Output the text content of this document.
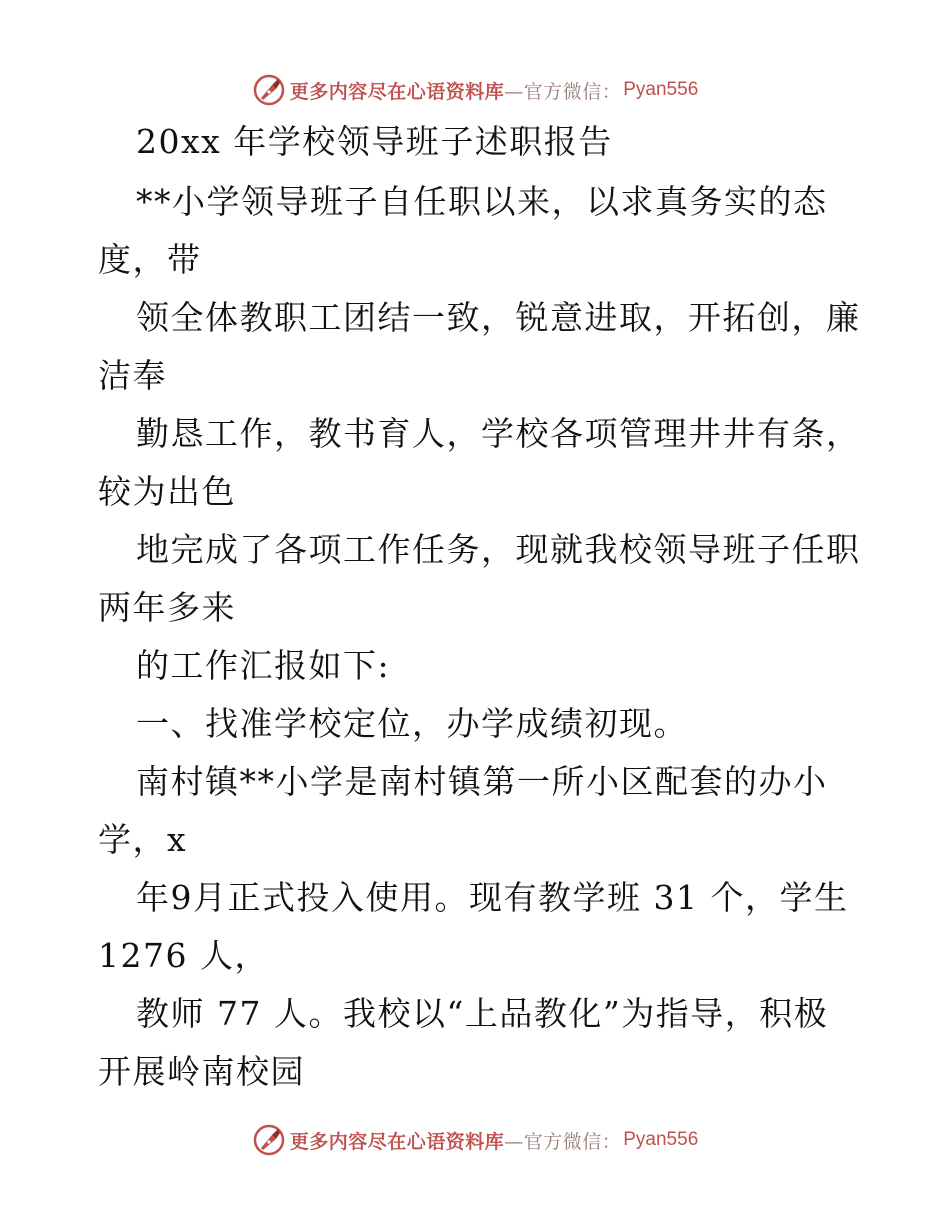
更多内容尽在心语资料库 —官方微信： Pyan556
20xx 年学校领导班子述职报告
**小学领导班子自任职以来，以求真务实的态
度，带
领全体教职工团结一致，锐意进取，开拓创，廉
洁奉
勤恳工作，教书育人，学校各项管理井井有条，
较为出色
地完成了各项工作任务，现就我校领导班子任职
两年多来
的工作汇报如下:
一、找准学校定位，办学成绩初现。
南村镇**小学是南村镇第一所小区配套的办小
学，x
年9月正式投入使用。现有教学班 31 个，学生
1276 人，
教师 77 人。我校以“上品教化”为指导，积极
开展岭南校园
更多内容尽在心语资料库 —官方微信： Pyan556
